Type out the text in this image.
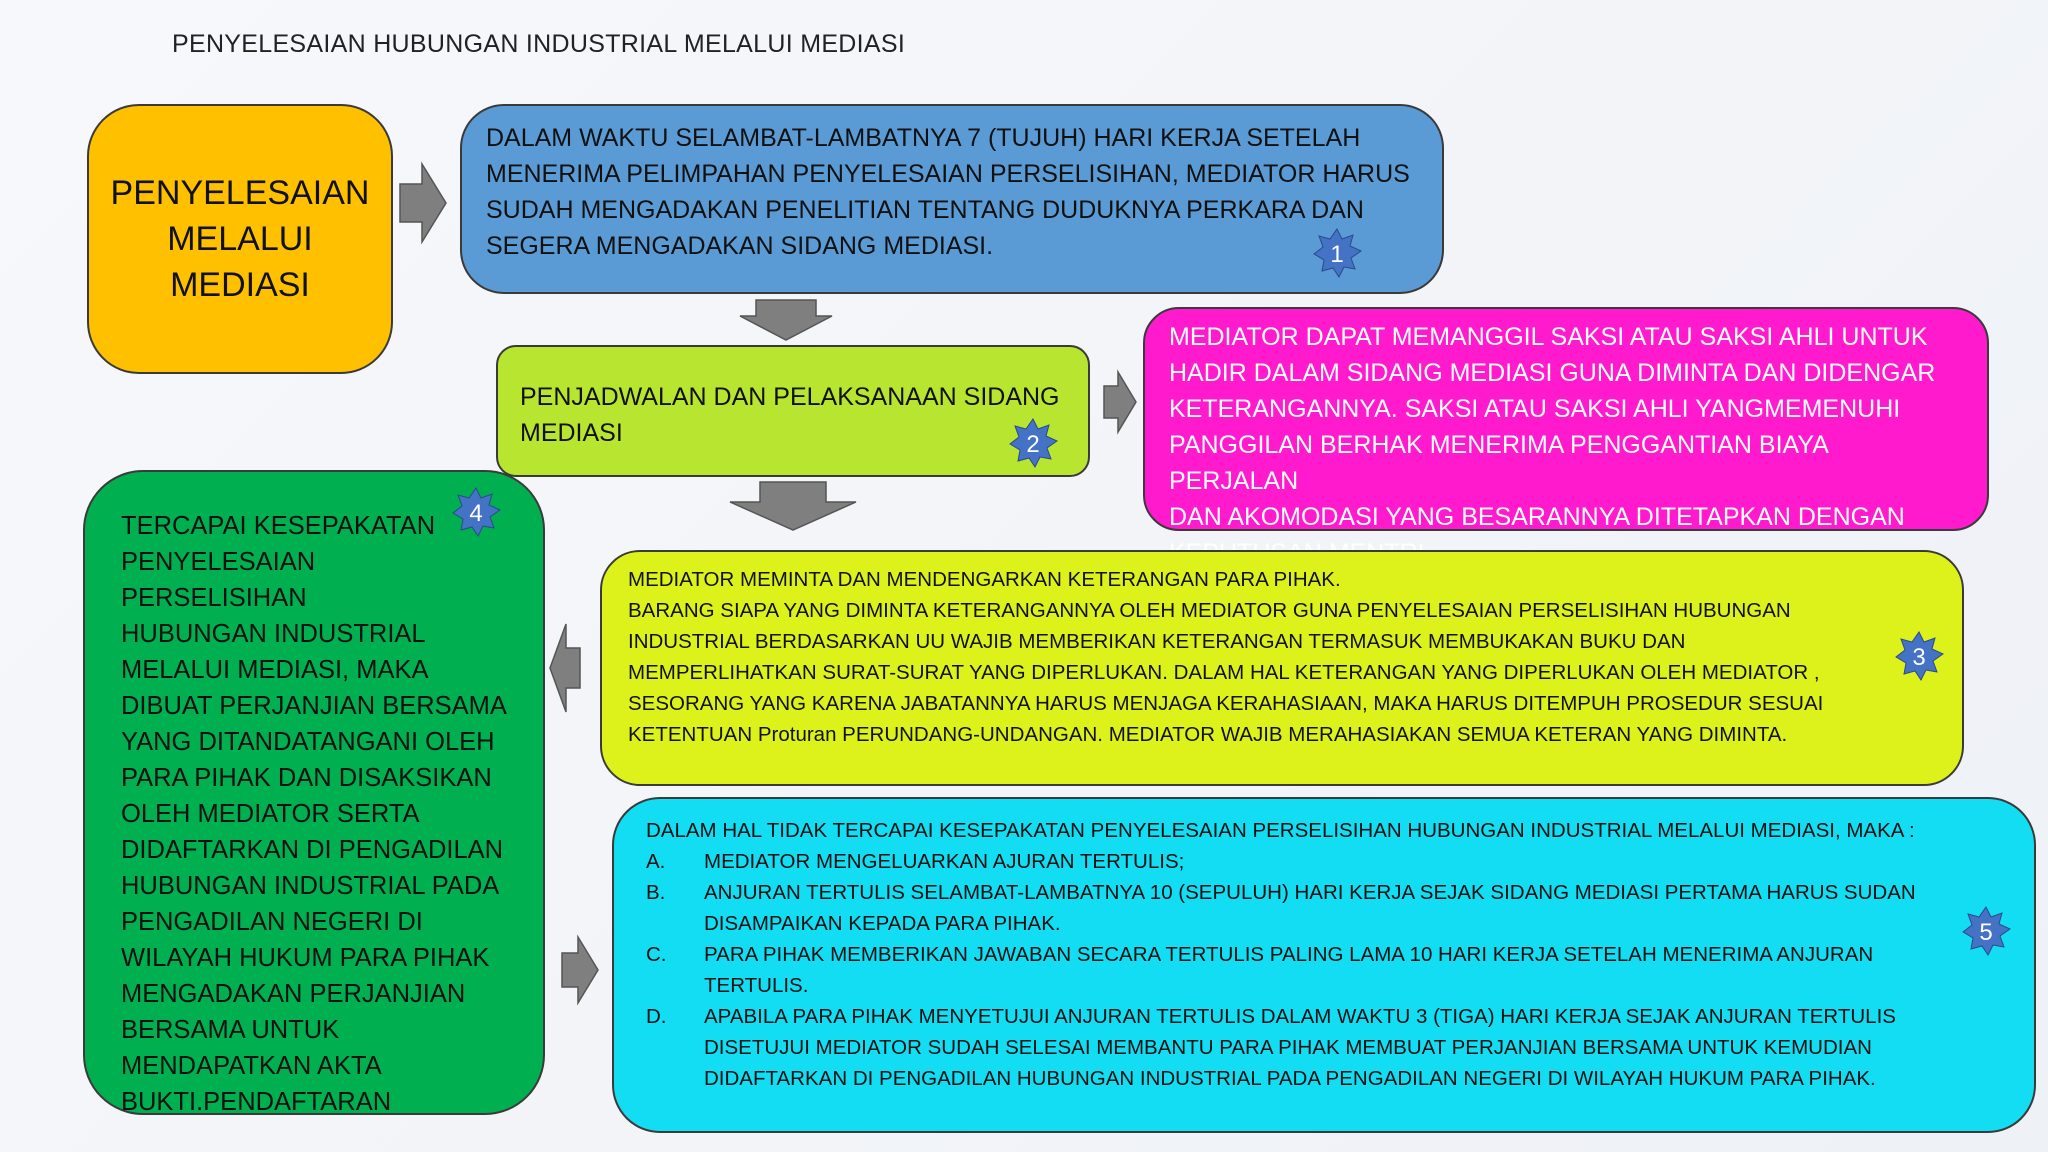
PENYELESAIAN HUBUNGAN INDUSTRIAL MELALUI MEDIASI
PENYELESAIAN
MELALUI
MEDIASI
DALAM WAKTU SELAMBAT-LAMBATNYA 7 (TUJUH) HARI KERJA SETELAH
MENERIMA PELIMPAHAN PENYELESAIAN PERSELISIHAN, MEDIATOR HARUS
SUDAH MENGADAKAN PENELITIAN TENTANG DUDUKNYA PERKARA DAN
SEGERA MENGADAKAN SIDANG MEDIASI.	1
PENJADWALAN DAN PELAKSANAAN SIDANG
MEDIASI	2
MEDIATOR DAPAT MEMANGGIL SAKSI ATAU SAKSI AHLI UNTUK
HADIR DALAM SIDANG MEDIASI GUNA DIMINTA DAN DIDENGAR
KETERANGANNYA. SAKSI ATAU SAKSI AHLI YANGMEMENUHI
PANGGILAN BERHAK MENERIMA PENGGANTIAN BIAYA PERJALAN
DAN AKOMODASI YANG BESARANNYA DITETAPKAN DENGAN

MEDIATOR MEMINTA DAN MENDENGARKAN KETERANGAN PARA PIHAK.
BARANG SIAPA YANG DIMINTA KETERANGANNYA OLEH MEDIATOR GUNA PENYELESAIAN PERSELISIHAN HUBUNGAN
INDUSTRIAL BERDASARKAN UU WAJIB MEMBERIKAN KETERANGAN TERMASUK MEMBUKAKAN BUKU DAN
MEMPERLIHATKAN SURAT-SURAT YANG DIPERLUKAN. DALAM HAL KETERANGAN YANG DIPERLUKAN OLEH MEDIATOR ,
SESORANG YANG KARENA JABATANNYA HARUS MENJAGA KERAHASIAAN, MAKA HARUS DITEMPUH PROSEDUR SESUAI
KETENTUAN Proturan PERUNDANG-UNDANGAN. MEDIATOR WAJIB MERAHASIAKAN SEMUA KETERAN YANG DIMINTA.
3
TERCAPAI KESEPAKATAN
PENYELESAIAN PERSELISIHAN
HUBUNGAN INDUSTRIAL
MELALUI MEDIASI, MAKA
DIBUAT PERJANJIAN BERSAMA
YANG DITANDATANGANI OLEH
PARA PIHAK DAN DISAKSIKAN
OLEH MEDIATOR SERTA
DIDAFTARKAN DI PENGADILAN
HUBUNGAN INDUSTRIAL PADA
PENGADILAN NEGERI DI
WILAYAH HUKUM PARA PIHAK
MENGADAKAN PERJANJIAN
BERSAMA UNTUK
MENDAPATKAN AKTA
BUKTI.PENDAFTARAN
4
DALAM HAL TIDAK TERCAPAI KESEPAKATAN PENYELESAIAN PERSELISIHAN HUBUNGAN INDUSTRIAL MELALUI MEDIASI, MAKA :
A.	MEDIATOR MENGELUARKAN AJURAN TERTULIS;
B.	ANJURAN TERTULIS SELAMBAT-LAMBATNYA 10 (SEPULUH) HARI KERJA SEJAK SIDANG MEDIASI PERTAMA HARUS SUDAN
DISAMPAIKAN KEPADA PARA PIHAK.
C.	PARA PIHAK MEMBERIKAN JAWABAN SECARA TERTULIS PALING LAMA 10 HARI KERJA SETELAH MENERIMA ANJURAN
TERTULIS.
D.	APABILA PARA PIHAK MENYETUJUI ANJURAN TERTULIS DALAM WAKTU 3 (TIGA) HARI KERJA SEJAK ANJURAN TERTULIS
DISETUJUI MEDIATOR SUDAH SELESAI MEMBANTU PARA PIHAK MEMBUAT PERJANJIAN BERSAMA UNTUK KEMUDIAN
DIDAFTARKAN DI PENGADILAN HUBUNGAN INDUSTRIAL PADA PENGADILAN NEGERI DI WILAYAH HUKUM PARA PIHAK.
5
